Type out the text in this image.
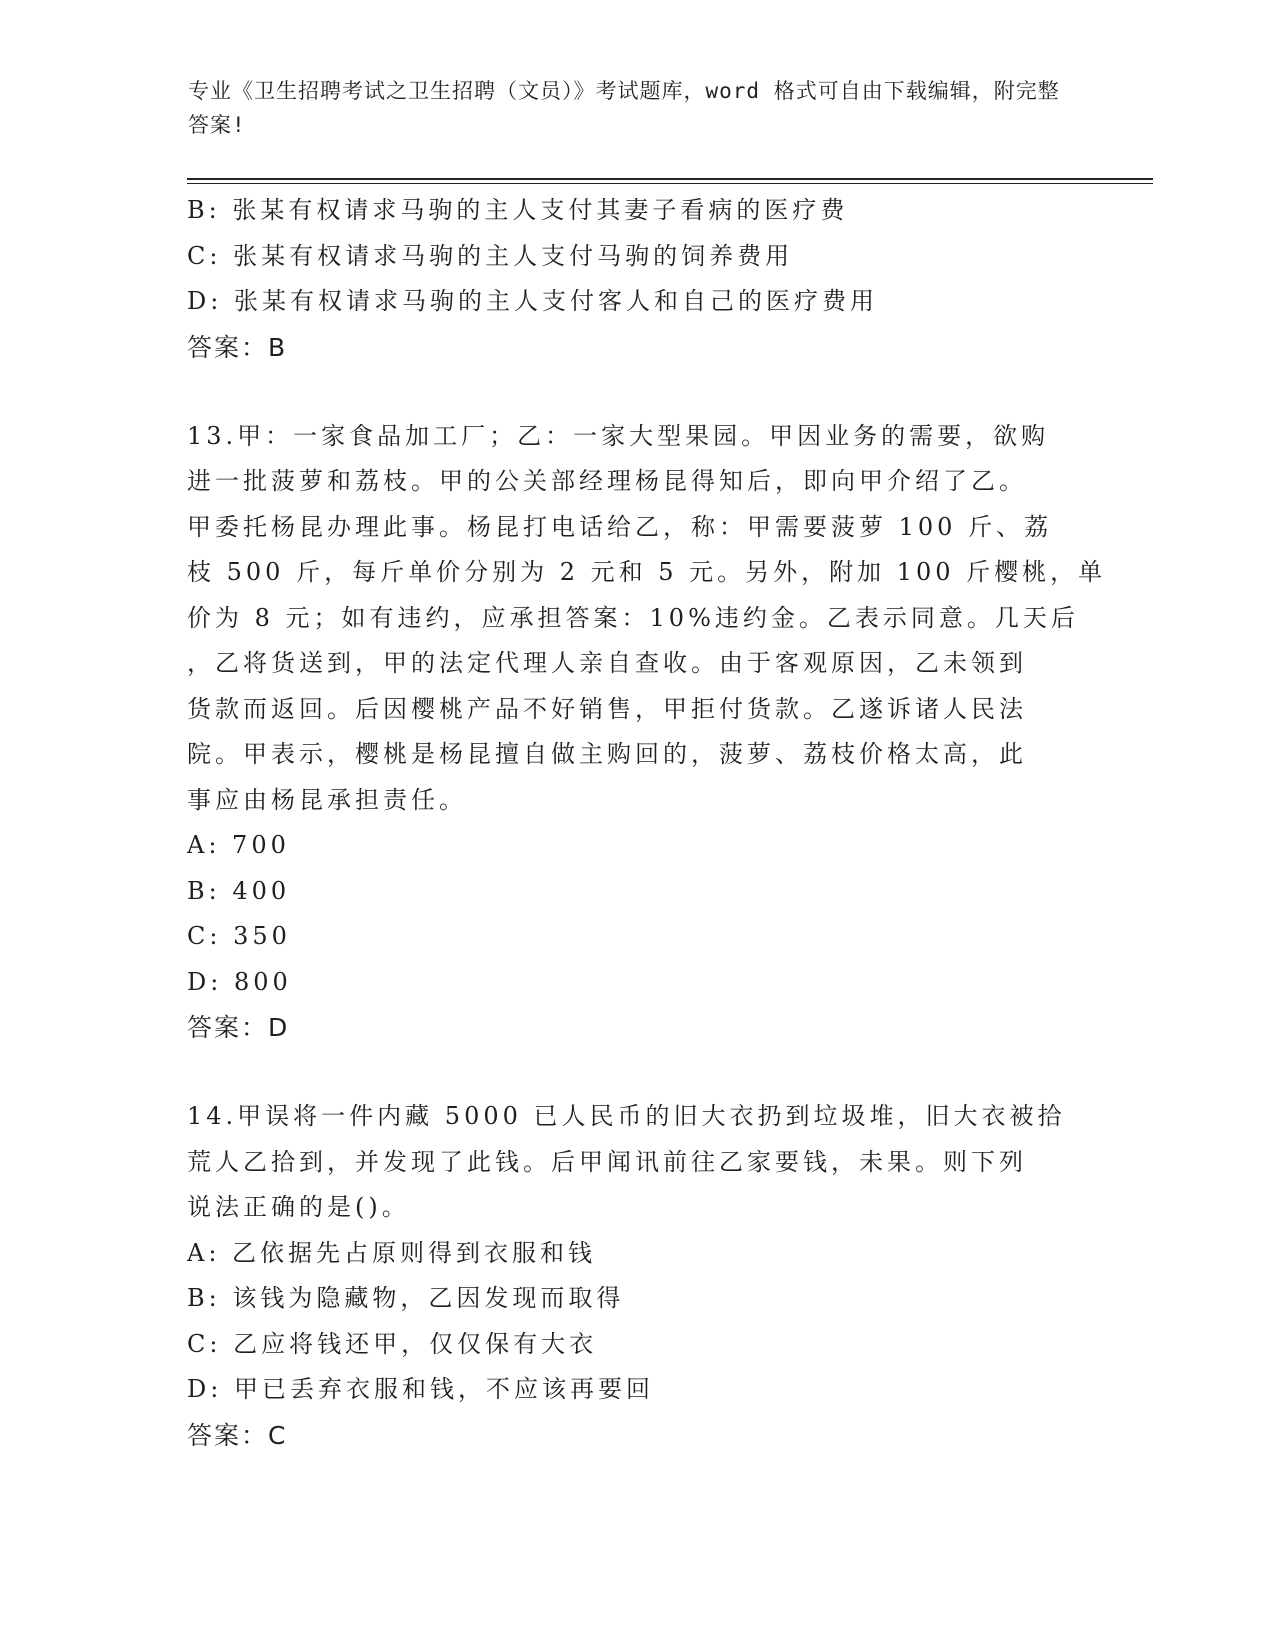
专业《卫生招聘考试之卫生招聘（文员）》考试题库，word 格式可自由下载编辑，附完整答案!
B: 张某有权请求马驹的主人支付其妻子看病的医疗费
C: 张某有权请求马驹的主人支付马驹的饲养费用
D: 张某有权请求马驹的主人支付客人和自己的医疗费用
答案：B
13.甲：一家食品加工厂；乙：一家大型果园。甲因业务的需要，欲购
进一批菠萝和荔枝。甲的公关部经理杨昆得知后，即向甲介绍了乙。
甲委托杨昆办理此事。杨昆打电话给乙，称：甲需要菠萝 100 斤、荔
枝 500 斤，每斤单价分别为 2 元和 5 元。另外，附加 100 斤樱桃，单
价为 8 元；如有违约，应承担答案：10%违约金。乙表示同意。几天后
，乙将货送到，甲的法定代理人亲自查收。由于客观原因，乙未领到
货款而返回。后因樱桃产品不好销售，甲拒付货款。乙遂诉诸人民法
院。甲表示，樱桃是杨昆擅自做主购回的，菠萝、荔枝价格太高，此
事应由杨昆承担责任。
A: 700
B: 400
C: 350
D: 800
答案：D
14.甲误将一件内藏 5000 已人民币的旧大衣扔到垃圾堆，旧大衣被拾
荒人乙拾到，并发现了此钱。后甲闻讯前往乙家要钱，未果。则下列
说法正确的是()。
A: 乙依据先占原则得到衣服和钱
B: 该钱为隐藏物，乙因发现而取得
C: 乙应将钱还甲，仅仅保有大衣
D: 甲已丢弃衣服和钱，不应该再要回
答案：C
